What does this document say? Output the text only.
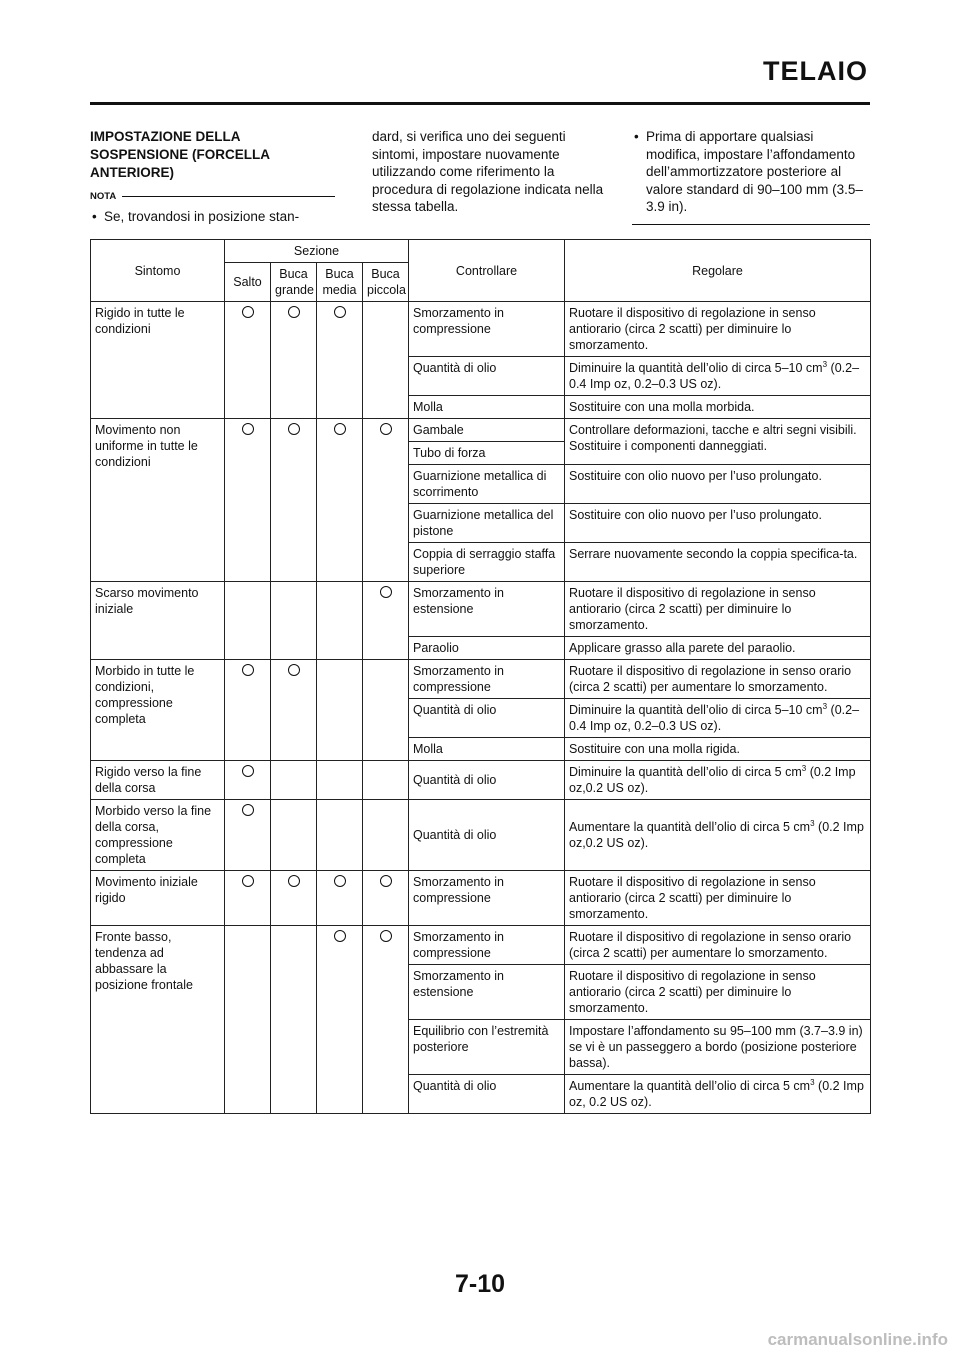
TELAIO

IMPOSTAZIONE DELLA SOSPENSIONE (FORCELLA ANTERIORE)

NOTA

• Se, trovandosi in posizione stan-

dard, si verifica uno dei seguenti sintomi, impostare nuovamente utilizzando come riferimento la procedura di regolazione indicata nella stessa tabella.

• Prima di apportare qualsiasi modifica, impostare l’affondamento dell’ammortizzatore posteriore al valore standard di 90–100 mm (3.5–3.9 in).

Sintomo	Sezione				Controllare	Regolare
	Salto	Buca grande	Buca media	Buca piccola		
Rigido in tutte le condizioni					Smorzamento in compressione	Ruotare il dispositivo di regolazione in senso antiorario (circa 2 scatti) per diminuire lo smorzamento.
					Quantità di olio	Diminuire la quantità dell’olio di circa 5–10 $cm^3$ (0.2–0.4 Imp oz, 0.2–0.3 US oz).
					Molla	Sostituire con una molla morbida.
Movimento non uniforme in tutte le condizioni					Gambale	Controllare deformazioni, tacche e altri segni visibili. Sostituire i componenti danneggiati.
					Tubo di forza	
					Guarnizione metallica di scorrimento	Sostituire con olio nuovo per l’uso prolungato.
					Guarnizione metallica del pistone	Sostituire con olio nuovo per l’uso prolungato.
					Coppia di serraggio staffa superiore	Serrare nuovamente secondo la coppia specifica-ta.
Scarso movimento iniziale					Smorzamento in estensione	Ruotare il dispositivo di regolazione in senso antiorario (circa 2 scatti) per diminuire lo smorzamento.
					Paraolio	Applicare grasso alla parete del paraolio.
Morbido in tutte le condizioni, compressione completa					Smorzamento in compressione	Ruotare il dispositivo di regolazione in senso orario (circa 2 scatti) per aumentare lo smorzamento.
					Quantità di olio	Diminuire la quantità dell’olio di circa 5–10 $cm^3$ (0.2–0.4 Imp oz, 0.2–0.3 US oz).
					Molla	Sostituire con una molla rigida.
Rigido verso la fine della corsa					Quantità di olio	Diminuire la quantità dell’olio di circa 5 $cm^3$ (0.2 Imp oz,0.2 US oz).
Morbido verso la fine della corsa, compressione completa					Quantità di olio	Aumentare la quantità dell’olio di circa 5 $cm^3$ (0.2 Imp oz,0.2 US oz).
Movimento iniziale rigido					Smorzamento in compressione	Ruotare il dispositivo di regolazione in senso antiorario (circa 2 scatti) per diminuire lo smorzamento.
Fronte basso, tendenza ad abbassare la posizione frontale					Smorzamento in compressione	Ruotare il dispositivo di regolazione in senso orario (circa 2 scatti) per aumentare lo smorzamento.
					Smorzamento in estensione	Ruotare il dispositivo di regolazione in senso antiorario (circa 2 scatti) per diminuire lo smorzamento.
					Equilibrio con l’estremità posteriore	Impostare l’affondamento su 95–100 mm (3.7–3.9 in) se vi è un passeggero a bordo (posizione posteriore bassa).
					Quantità di olio	Aumentare la quantità dell’olio di circa 5 $cm^3$ (0.2 Imp oz, 0.2 US oz).

7-10

carmanualsonline.info
